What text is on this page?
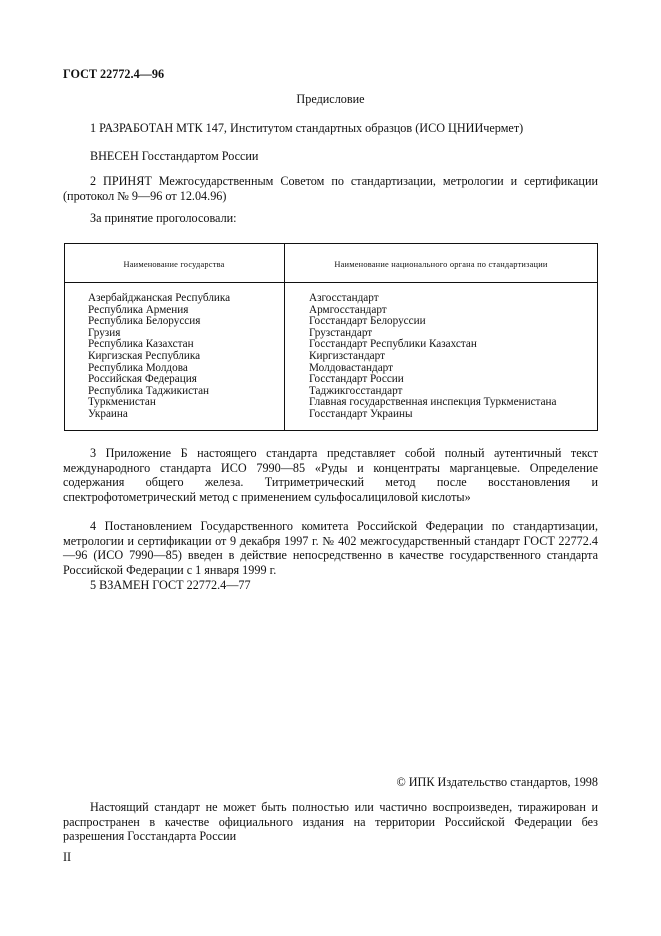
ГОСТ 22772.4—96
Предисловие
1 РАЗРАБОТАН МТК 147, Институтом стандартных образцов (ИСО ЦНИИчермет)
ВНЕСЕН Госстандартом России
2 ПРИНЯТ Межгосударственным Советом по стандартизации, метрологии и сертификации (протокол № 9—96 от 12.04.96)
За принятие проголосовали:
Наименование государства	Наименование национального органа по стандартизации
Азербайджанская Республика
Республика Армения
Республика Белоруссия
Грузия
Республика Казахстан
Киргизская Республика
Республика Молдова
Российская Федерация
Республика Таджикистан
Туркменистан
Украина
Азгосстандарт
Армгосстандарт
Госстандарт Белоруссии
Грузстандарт
Госстандарт Республики Казахстан
Киргизстандарт
Молдовастандарт
Госстандарт России
Таджикгосстандарт
Главная государственная инспекция Туркменистана
Госстандарт Украины
3 Приложение Б настоящего стандарта представляет собой полный аутентичный текст международного стандарта ИСО 7990—85 «Руды и концентраты марганцевые. Определение содержания общего железа. Титриметрический метод после восстановления и спектрофотометрический метод с применением сульфосалициловой кислоты»
4 Постановлением Государственного комитета Российской Федерации по стандартизации, метрологии и сертификации от 9 декабря 1997 г. № 402 межгосударственный стандарт ГОСТ 22772.4—96 (ИСО 7990—85) введен в действие непосредственно в качестве государственного стандарта Российской Федерации с 1 января 1999 г.
5 ВЗАМЕН ГОСТ 22772.4—77
© ИПК Издательство стандартов, 1998
Настоящий стандарт не может быть полностью или частично воспроизведен, тиражирован и распространен в качестве официального издания на территории Российской Федерации без разрешения Госстандарта России
II
